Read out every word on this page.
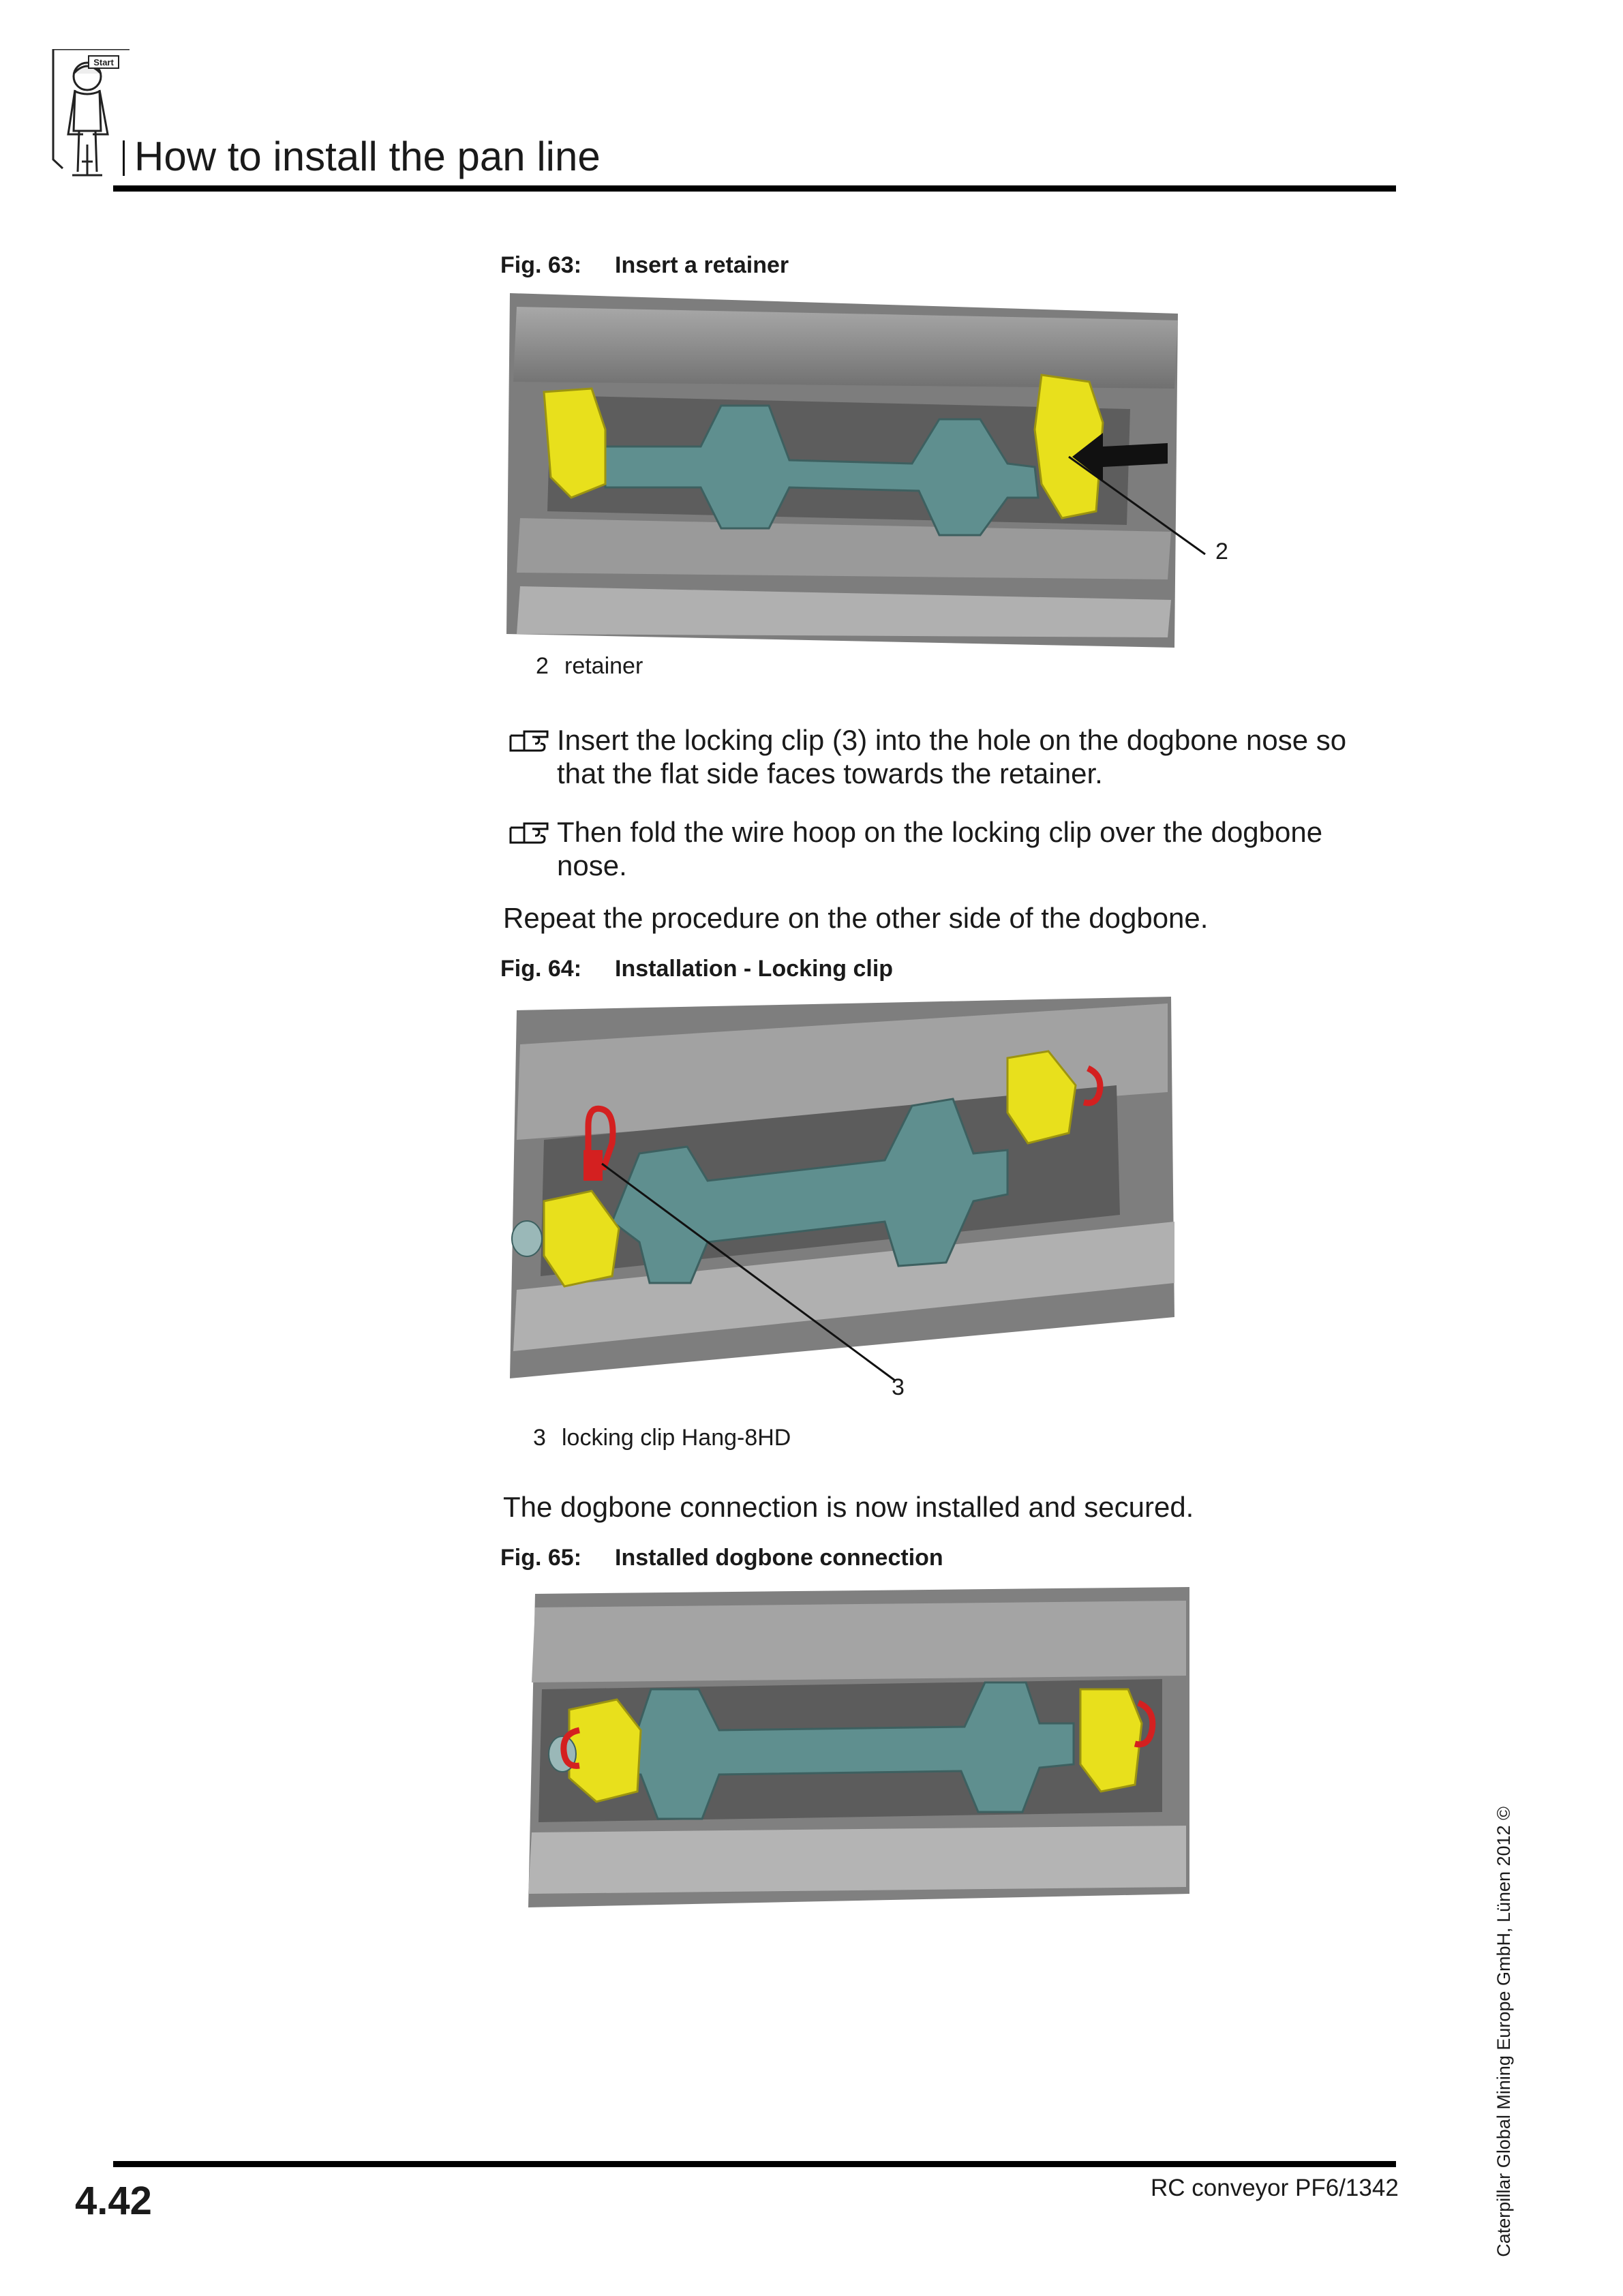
Start
How to install the pan line
Fig. 63: Insert a retainer
2
2 retainer
Insert the locking clip (3) into the hole on the dogbone nose so that the flat side faces towards the retainer.
Then fold the wire hoop on the locking clip over the dogbone nose.
Repeat the procedure on the other side of the dogbone.
Fig. 64: Installation - Locking clip
3
3 locking clip Hang-8HD
The dogbone connection is now installed and secured.
Fig. 65: Installed dogbone connection
Caterpillar Global Mining Europe GmbH, Lünen 2012 ©
4.42	RC conveyor PF6/1342
